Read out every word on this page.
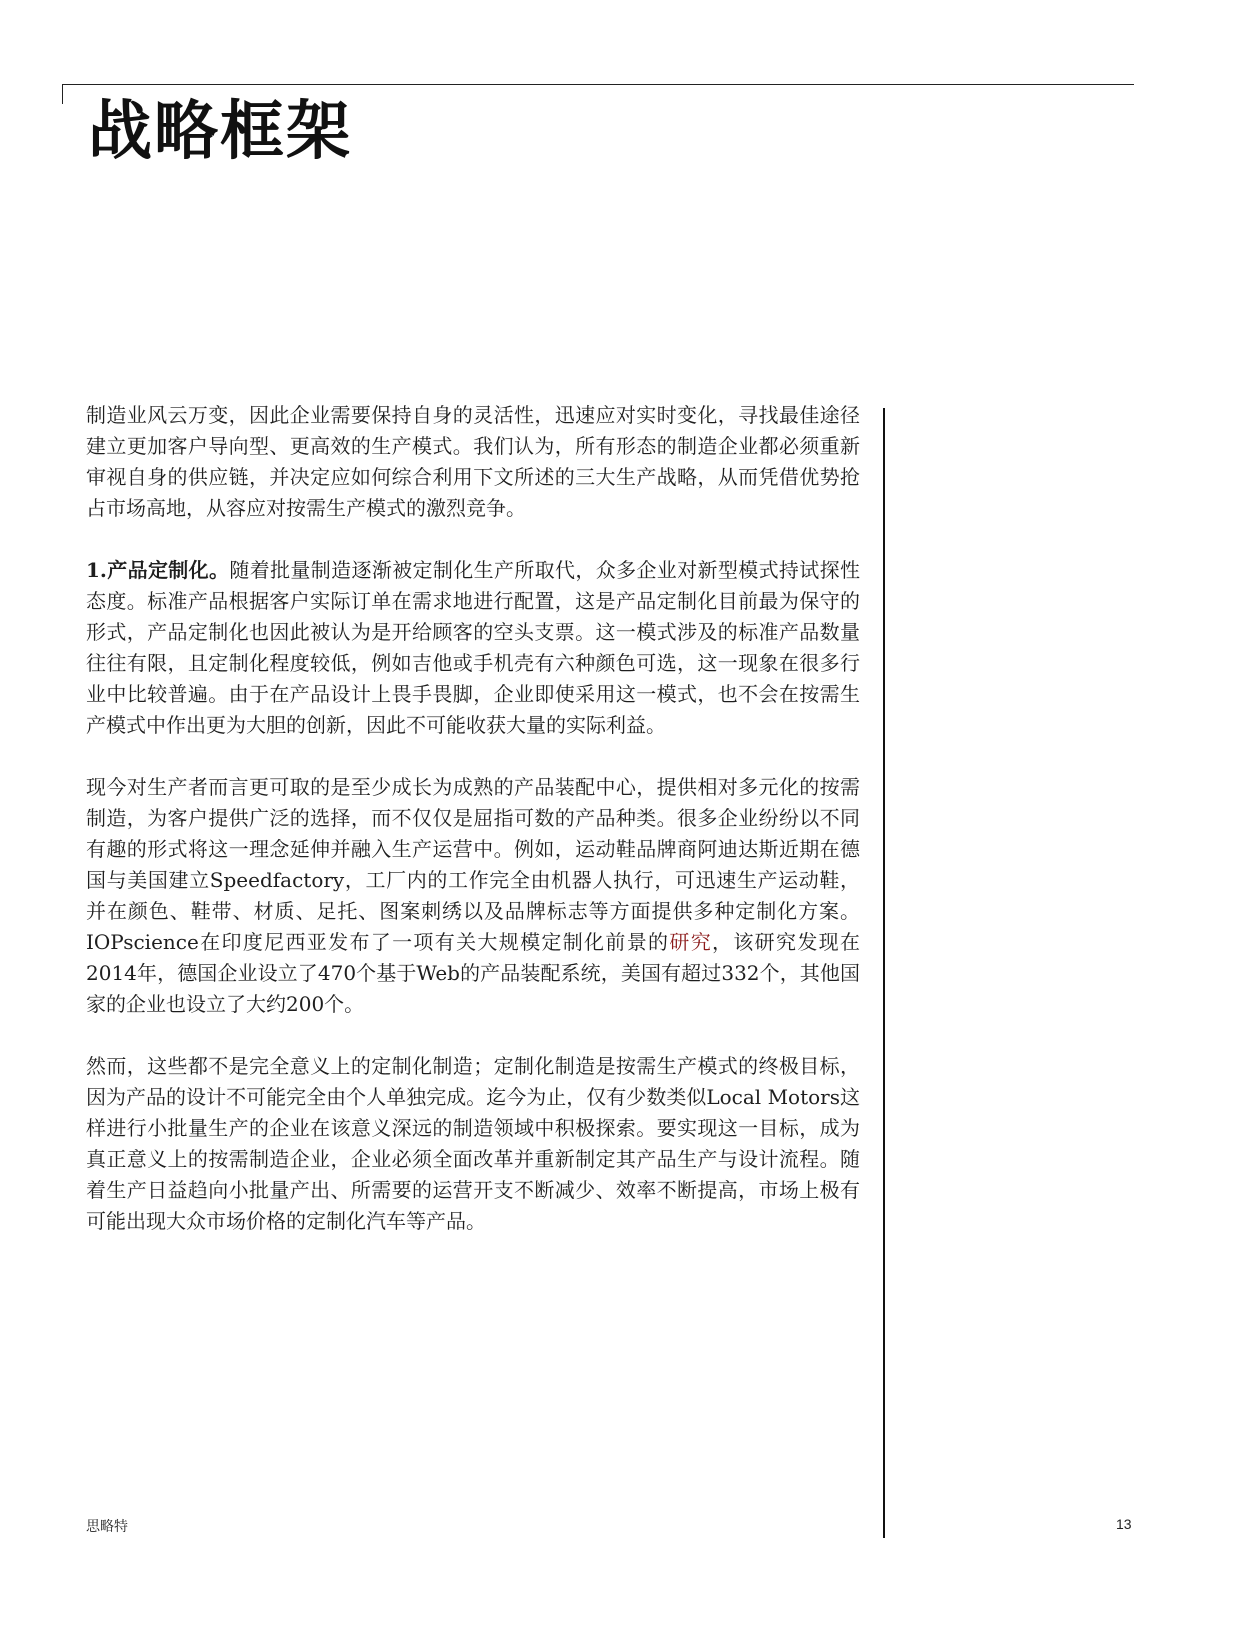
战略框架

制造业风云万变，因此企业需要保持自身的灵活性，迅速应对实时变化，寻找最佳途径建立更加客户导向型、更高效的生产模式。我们认为，所有形态的制造企业都必须重新审视自身的供应链，并决定应如何综合利用下文所述的三大生产战略，从而凭借优势抢占市场高地，从容应对按需生产模式的激烈竞争。

1.产品定制化。随着批量制造逐渐被定制化生产所取代，众多企业对新型模式持试探性态度。标准产品根据客户实际订单在需求地进行配置，这是产品定制化目前最为保守的形式，产品定制化也因此被认为是开给顾客的空头支票。这一模式涉及的标准产品数量往往有限，且定制化程度较低，例如吉他或手机壳有六种颜色可选，这一现象在很多行业中比较普遍。由于在产品设计上畏手畏脚，企业即使采用这一模式，也不会在按需生产模式中作出更为大胆的创新，因此不可能收获大量的实际利益。

现今对生产者而言更可取的是至少成长为成熟的产品装配中心，提供相对多元化的按需制造，为客户提供广泛的选择，而不仅仅是屈指可数的产品种类。很多企业纷纷以不同有趣的形式将这一理念延伸并融入生产运营中。例如，运动鞋品牌商阿迪达斯近期在德国与美国建立Speedfactory，工厂内的工作完全由机器人执行，可迅速生产运动鞋，并在颜色、鞋带、材质、足托、图案刺绣以及品牌标志等方面提供多种定制化方案。IOPscience在印度尼西亚发布了一项有关大规模定制化前景的研究，该研究发现在2014年，德国企业设立了470个基于Web的产品装配系统，美国有超过332个，其他国家的企业也设立了大约200个。

然而，这些都不是完全意义上的定制化制造；定制化制造是按需生产模式的终极目标，因为产品的设计不可能完全由个人单独完成。迄今为止，仅有少数类似Local Motors这样进行小批量生产的企业在该意义深远的制造领域中积极探索。要实现这一目标，成为真正意义上的按需制造企业，企业必须全面改革并重新制定其产品生产与设计流程。随着生产日益趋向小批量产出、所需要的运营开支不断减少、效率不断提高，市场上极有可能出现大众市场价格的定制化汽车等产品。

思略特	13
